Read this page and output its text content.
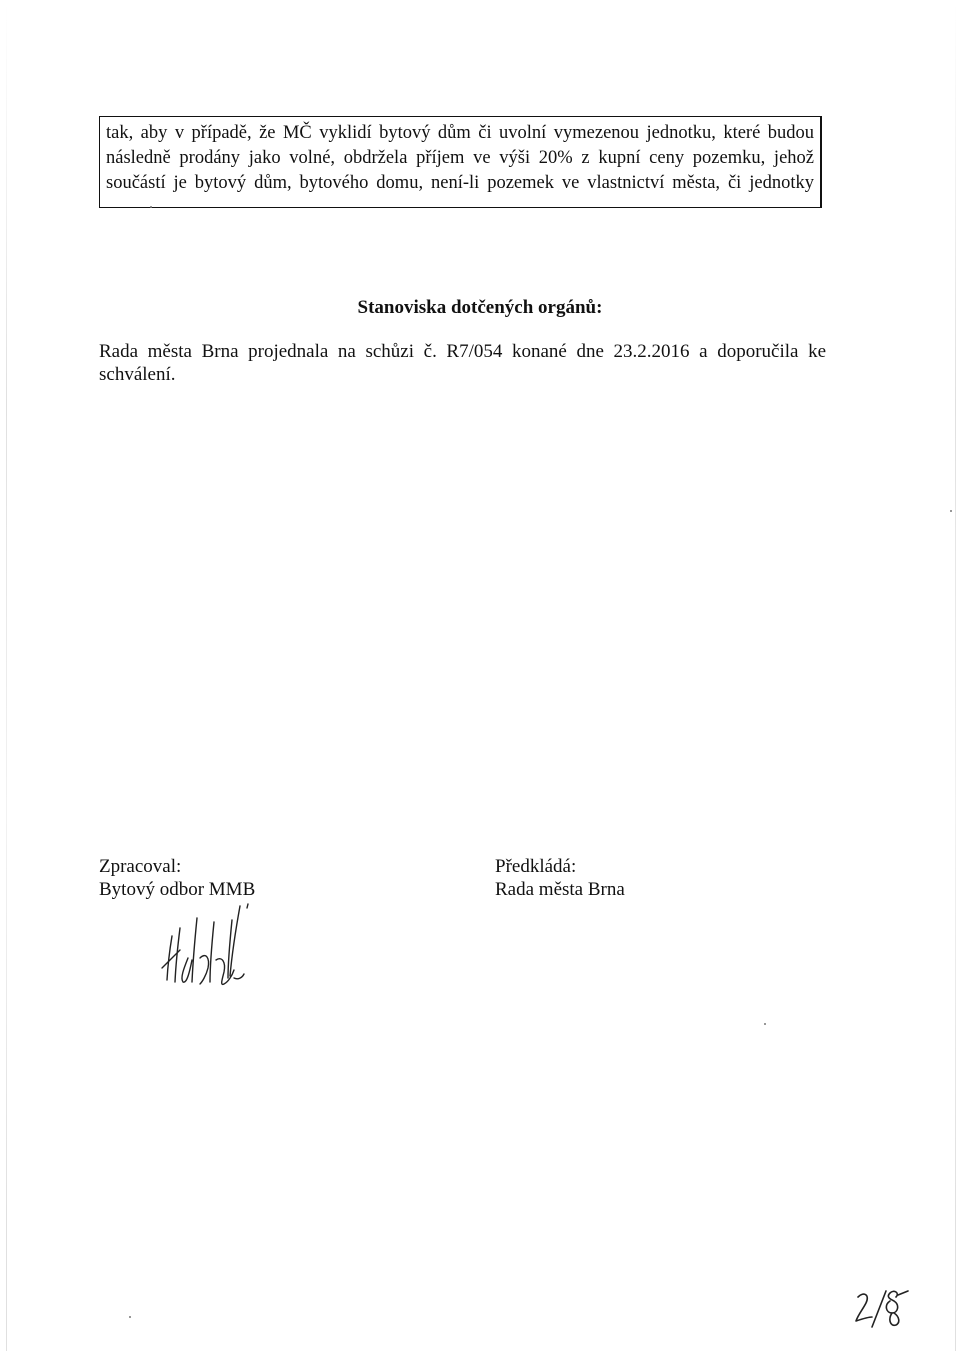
tak, aby v případě, že MČ vyklidí bytový dům či uvolní vymezenou jednotku, které budou
následně prodány jako volné, obdržela příjem ve výši 20% z kupní ceny pozemku, jehož
součástí je bytový dům, bytového domu, není-li pozemek ve vlastnictví města, či jednotky
Stanoviska dotčených orgánů:
Rada města Brna projednala na schůzi č. R7/054 konané dne 23.2.2016 a doporučila ke
schválení.
Zpracoval:
Bytový odbor MMB
Předkládá:
Rada města Brna
